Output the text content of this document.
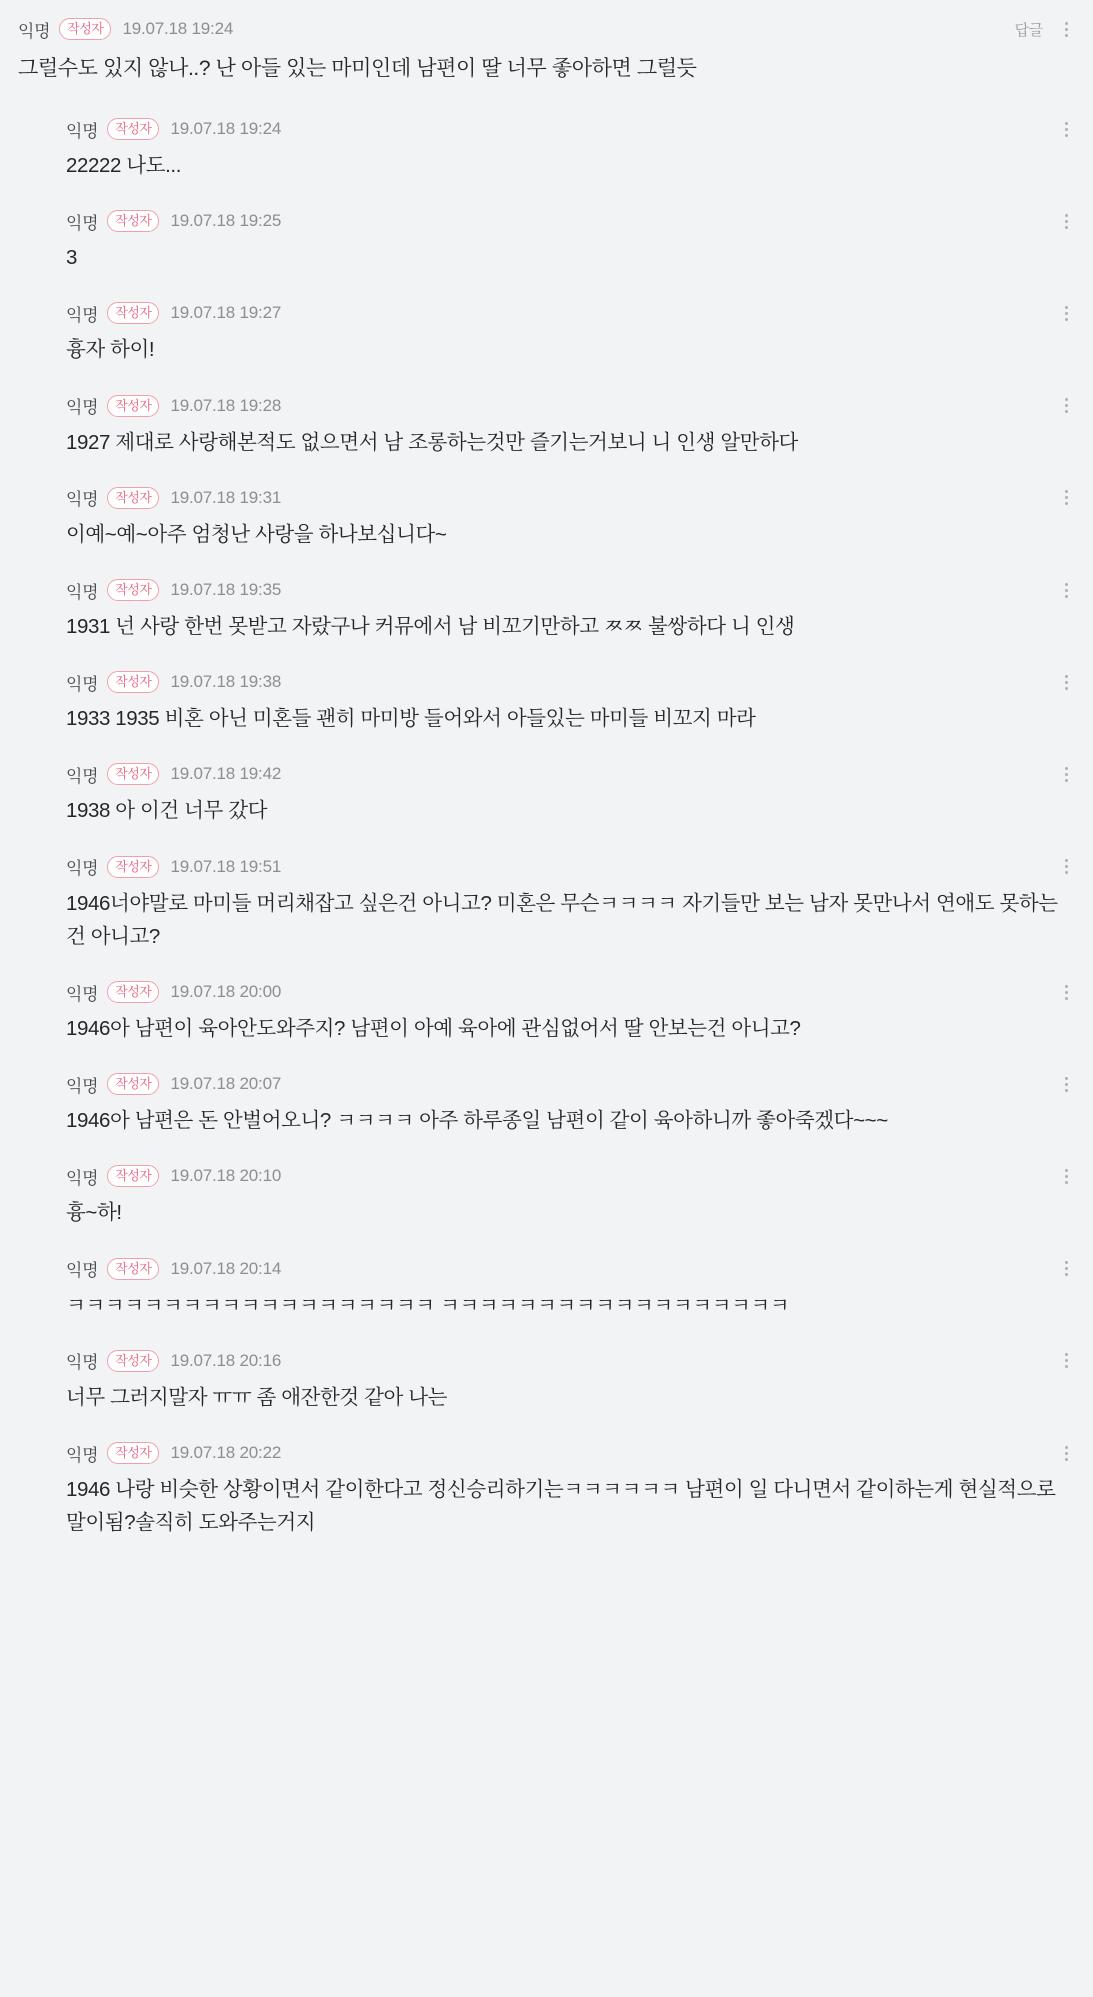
익명	작성자	19.07.18 19:24	답글
그럴수도 있지 않나..? 난 아들 있는 마미인데 남편이 딸 너무 좋아하면 그럴듯
익명	작성자	19.07.18 19:24
22222 나도...
익명	작성자	19.07.18 19:25
3
익명	작성자	19.07.18 19:27
흉자 하이!
익명	작성자	19.07.18 19:28
1927 제대로 사랑해본적도 없으면서 남 조롱하는것만 즐기는거보니 니 인생 알만하다
익명	작성자	19.07.18 19:31
이예~예~아주 엄청난 사랑을 하나보십니다~
익명	작성자	19.07.18 19:35
1931 넌 사랑 한번 못받고 자랐구나 커뮤에서 남 비꼬기만하고 ㅉㅉ 불쌍하다 니 인생
익명	작성자	19.07.18 19:38
1933 1935 비혼 아닌 미혼들 괜히 마미방 들어와서 아들있는 마미들 비꼬지 마라
익명	작성자	19.07.18 19:42
1938 아 이건 너무 갔다
익명	작성자	19.07.18 19:51
1946너야말로 마미들 머리채잡고 싶은건 아니고? 미혼은 무슨ㅋㅋㅋㅋ 자기들만 보는 남자 못만나서 연애도 못하는건 아니고?
익명	작성자	19.07.18 20:00
1946아 남편이 육아안도와주지? 남편이 아예 육아에 관심없어서 딸 안보는건 아니고?
익명	작성자	19.07.18 20:07
1946아 남편은 돈 안벌어오니? ㅋㅋㅋㅋ 아주 하루종일 남편이 같이 육아하니까 좋아죽겠다~~~
익명	작성자	19.07.18 20:10
흉~하!
익명	작성자	19.07.18 20:14
ㅋㅋㅋㅋㅋㅋㅋㅋㅋㅋㅋㅋㅋㅋㅋㅋㅋㅋㅋ ㅋㅋㅋㅋㅋㅋㅋㅋㅋㅋㅋㅋㅋㅋㅋㅋㅋㅋ
익명	작성자	19.07.18 20:16
너무 그러지말자 ㅠㅠ 좀 애잔한것 같아 나는
익명	작성자	19.07.18 20:22
1946 나랑 비슷한 상황이면서 같이한다고 정신승리하기는ㅋㅋㅋㅋㅋㅋ 남편이 일 다니면서 같이하는게 현실적으로 말이됨?솔직히 도와주는거지
